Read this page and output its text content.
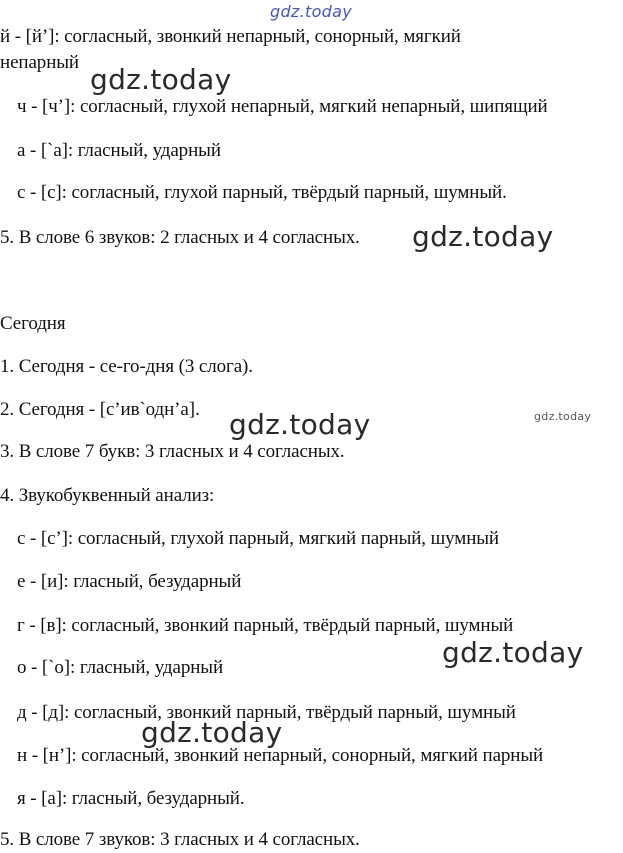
gdz.today
й - [й’]: согласный, звонкий непарный, сонорный, мягкий
непарный
ч - [ч’]: согласный, глухой непарный, мягкий непарный, шипящий
а - [`а]: гласный, ударный
с - [с]: согласный, глухой парный, твёрдый парный, шумный.
5. В слове 6 звуков: 2 гласных и 4 согласных.
Сегодня
1. Сегодня - се-го-дня (3 слога).
2. Сегодня - [с’ив`одн’а].
3. В слове 7 букв: 3 гласных и 4 согласных.
4. Звукобуквенный анализ:
с - [с’]: согласный, глухой парный, мягкий парный, шумный
е - [и]: гласный, безударный
г - [в]: согласный, звонкий парный, твёрдый парный, шумный
о - [`о]: гласный, ударный
д - [д]: согласный, звонкий парный, твёрдый парный, шумный
н - [н’]: согласный, звонкий непарный, сонорный, мягкий парный
я - [а]: гласный, безударный.
5. В слове 7 звуков: 3 гласных и 4 согласных.
gdz.today
gdz.today
gdz.today	gdz.today
gdz.today
gdz.today
